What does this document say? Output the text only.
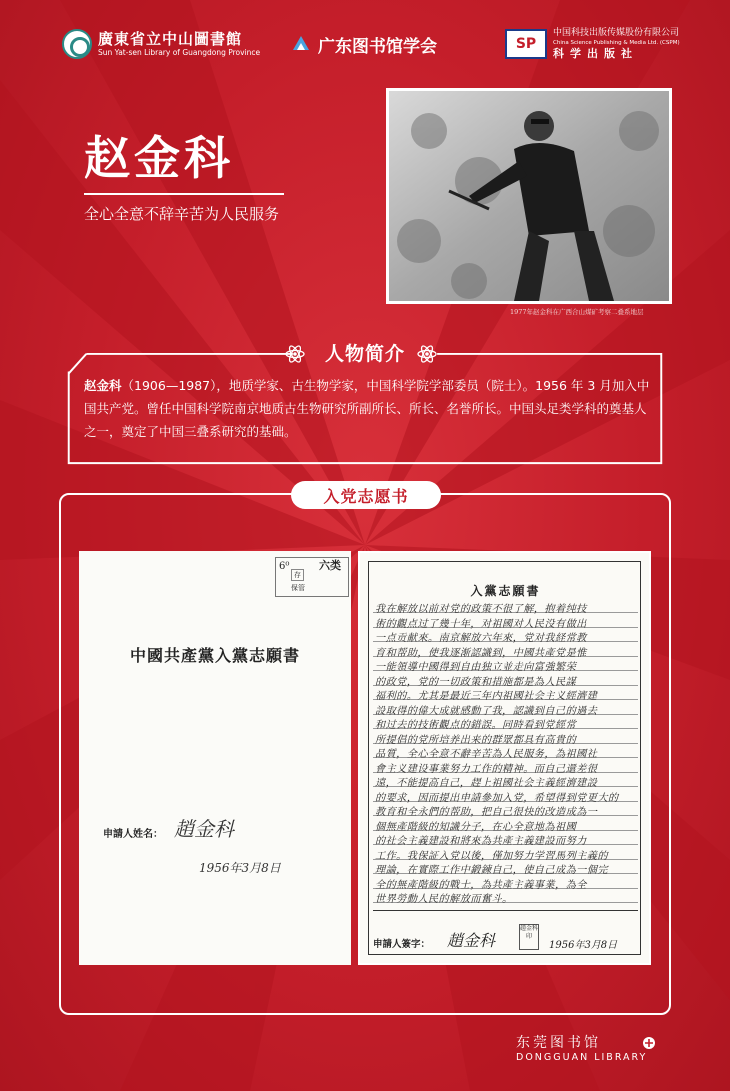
廣東省立中山圖書館
Sun Yat-sen Library of Guangdong Province	广东图书馆学会	SP
中国科技出版传媒股份有限公司
China Science Publishing & Media Ltd. (CSPM)
科学出版社
赵金科
全心全意不辞辛苦为人民服务
1977年赵金科在广西合山煤矿考察二叠系地层
人物简介
赵金科（1906—1987），地质学家、古生物学家，中国科学院学部委员（院士）。1956 年 3 月加入中国共产党。曾任中国科学院南京地质古生物研究所副所长、所长、名誉所长。中国头足类学科的奠基人之一，奠定了中国三叠系研究的基础。
入党志愿书
6⁰	六类
存
保管
中國共產黨入黨志願書
申請人姓名： 趙金科
1956年3月8日
入黨志願書
我在解放以前对党的政策不很了解，抱着纯技
術的觀点过了幾十年，对祖國对人民没有做出
一点贡献來。南京解放六年來，党对我経常教
育和帮助，使我逐渐認識到，中國共產党是惟
一能領導中國得到自由独立並走向富強繁荣
的政党，党的一切政策和措施都是為人民謀
福利的。尤其是最近三年内祖國社会主义經濟建
設取得的偉大成就感動了我，認識到自己的過去
和过去的技術觀点的錯誤。同時看到党經常
所提倡的党所培养出来的群眾都具有高貴的
品質，全心全意不辭辛苦為人民服务，為祖國社
會主义建设事業努力工作的精神。而自己還差很
遠，不能提高自己，趕上祖國社会主義經濟建設
的要求，因而提出申請參加入党，希望得到党更大的
教育和全永們的帮助，把自己很快的改造成為一
個無產階級的知識分子，在心全意地為祖國
的社会主義建設和將來為共產主義建設而努力
工作。我保証入党以後，僅加努力学習馬列主義的
理論，在實際工作中鍛鍊自己，使自己成為一個完
全的無產階級的戰士，為共產主義事業，為全
世界勞動人民的解放而奮斗。
申請人簽字： 趙金科
趙金科印
1956年3月8日
东莞图书馆
DONGGUAN LIBRARY
